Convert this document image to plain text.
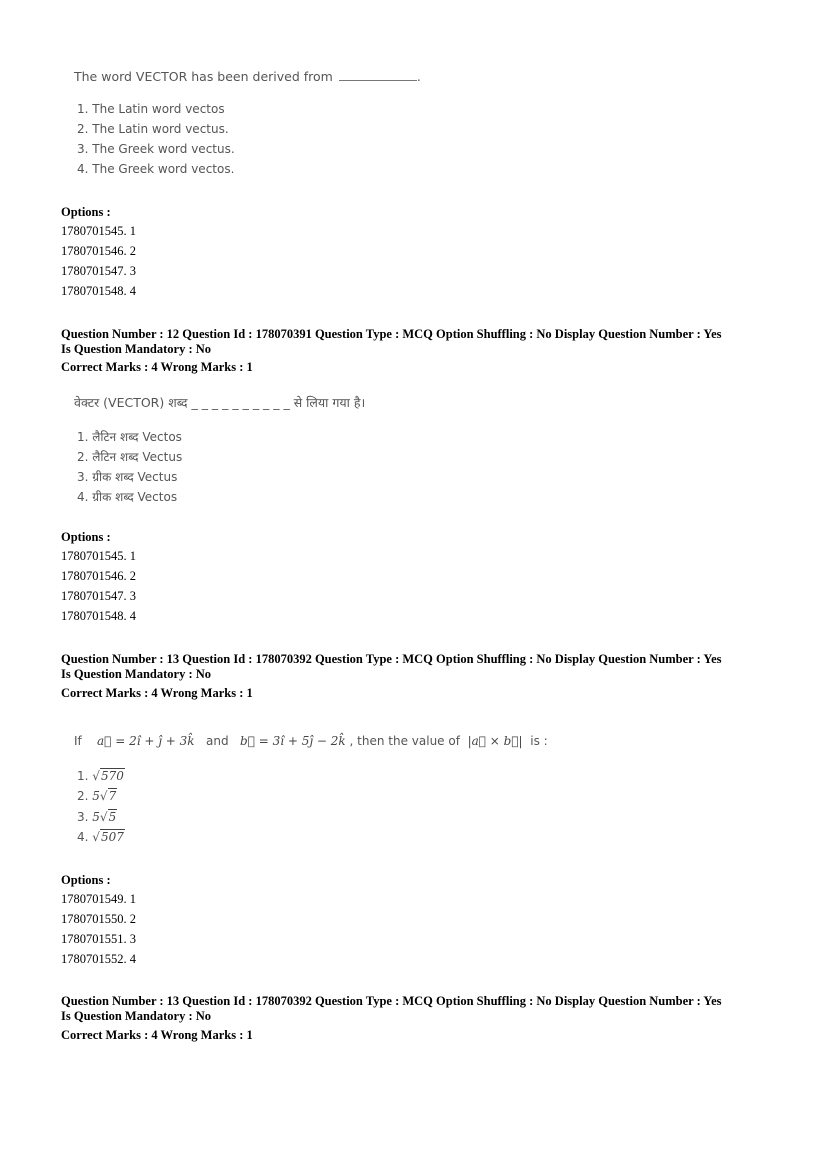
The word VECTOR has been derived from	.
1. The Latin word vectos
2. The Latin word vectus.
3. The Greek word vectus.
4. The Greek word vectos.
Options :
1780701545. 1
1780701546. 2
1780701547. 3
1780701548. 4
Question Number : 12 Question Id : 178070391 Question Type : MCQ Option Shuffling : No Display Question Number : Yes
Is Question Mandatory : No
Correct Marks : 4 Wrong Marks : 1
वेक्टर (VECTOR) शब्द _ _ _ _ _ _ _ _ _ _ से लिया गया है।
1. लैटिन शब्द Vectos
2. लैटिन शब्द Vectus
3. ग्रीक शब्द Vectus
4. ग्रीक शब्द Vectos
Options :
1780701545. 1
1780701546. 2
1780701547. 3
1780701548. 4
Question Number : 13 Question Id : 178070392 Question Type : MCQ Option Shuffling : No Display Question Number : Yes
Is Question Mandatory : No
Correct Marks : 4 Wrong Marks : 1
If a⃗ = 2î + ĵ + 3k̂ and b⃗ = 3î + 5ĵ − 2k̂ , then the value of |a⃗ × b⃗| is :
1. √570
2. 5√7
3. 5√5
4. √507
Options :
1780701549. 1
1780701550. 2
1780701551. 3
1780701552. 4
Question Number : 13 Question Id : 178070392 Question Type : MCQ Option Shuffling : No Display Question Number : Yes
Is Question Mandatory : No
Correct Marks : 4 Wrong Marks : 1
